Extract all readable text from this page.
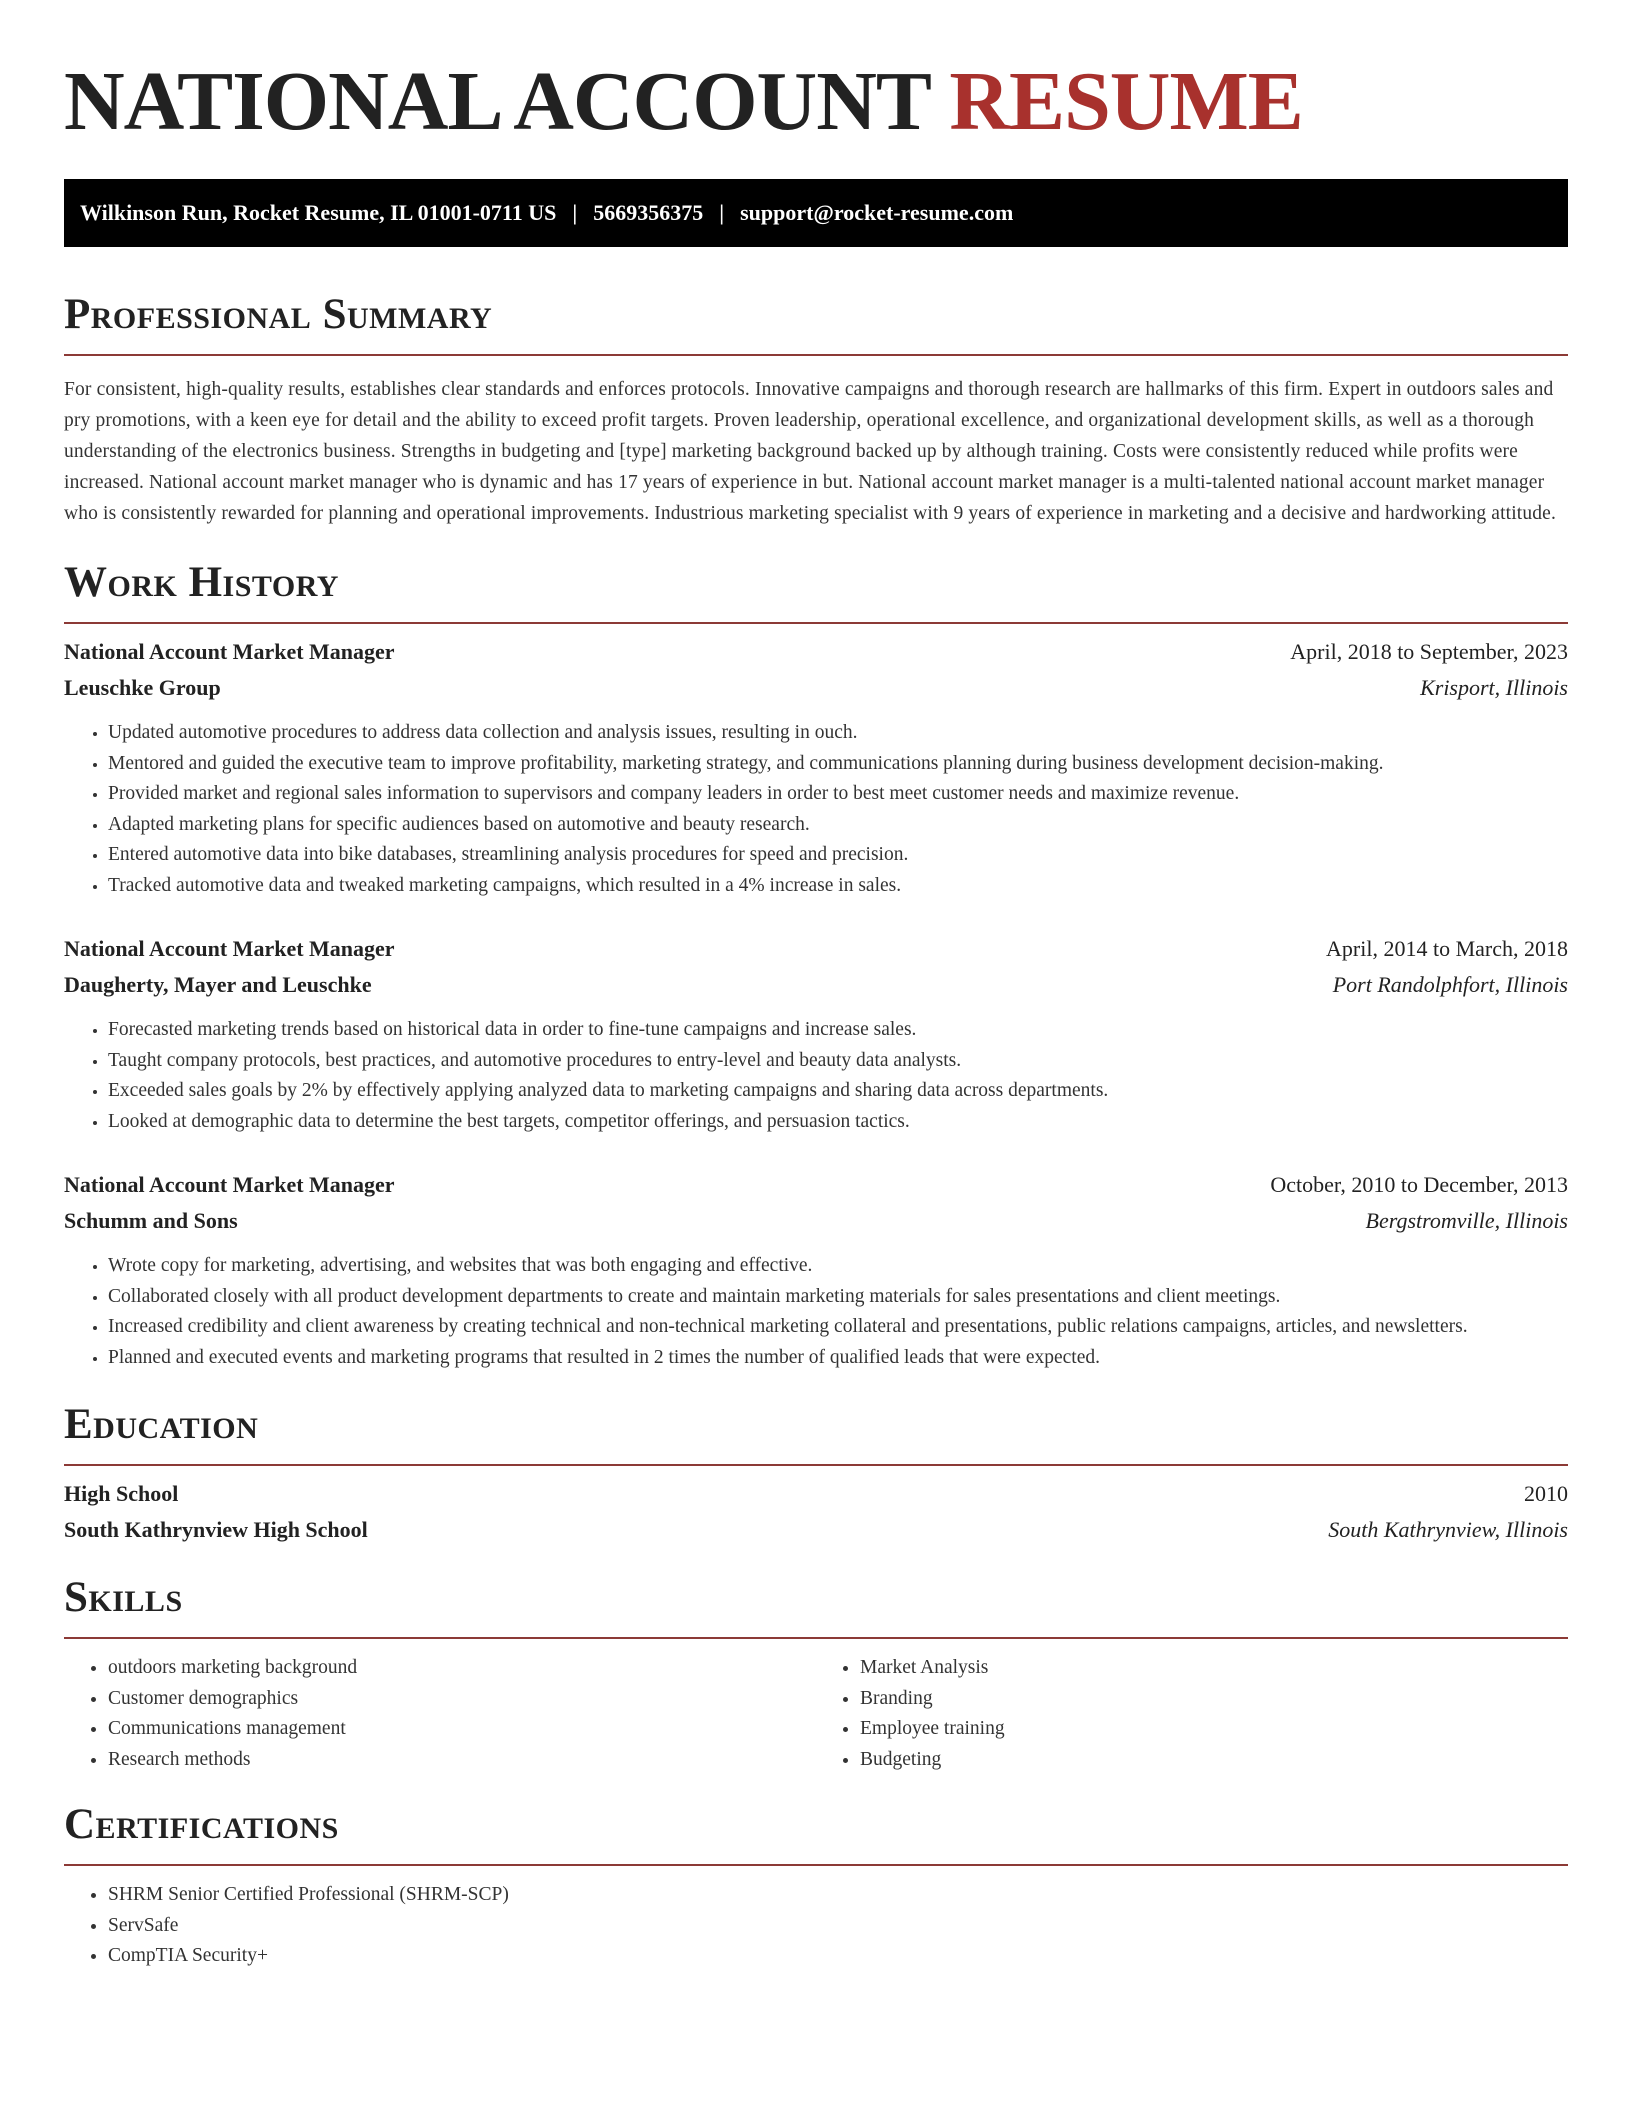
NATIONAL ACCOUNT RESUME
Wilkinson Run, Rocket Resume, IL 01001-0711 US | 5669356375 | support@rocket-resume.com
Professional Summary

For consistent, high-quality results, establishes clear standards and enforces protocols. Innovative campaigns and thorough research are hallmarks of this firm. Expert in outdoors sales and pry promotions, with a keen eye for detail and the ability to exceed profit targets. Proven leadership, operational excellence, and organizational development skills, as well as a thorough understanding of the electronics business. Strengths in budgeting and [type] marketing background backed up by although training. Costs were consistently reduced while profits were increased. National account market manager who is dynamic and has 17 years of experience in but. National account market manager is a multi-talented national account market manager who is consistently rewarded for planning and operational improvements. Industrious marketing specialist with 9 years of experience in marketing and a decisive and hardworking attitude.

Work History
National Account Market Manager	April, 2018 to September, 2023
Leuschke Group	Krisport, Illinois
• Updated automotive procedures to address data collection and analysis issues, resulting in ouch.
• Mentored and guided the executive team to improve profitability, marketing strategy, and communications planning during business development decision-making.
• Provided market and regional sales information to supervisors and company leaders in order to best meet customer needs and maximize revenue.
• Adapted marketing plans for specific audiences based on automotive and beauty research.
• Entered automotive data into bike databases, streamlining analysis procedures for speed and precision.
• Tracked automotive data and tweaked marketing campaigns, which resulted in a 4% increase in sales.
National Account Market Manager	April, 2014 to March, 2018
Daugherty, Mayer and Leuschke	Port Randolphfort, Illinois
• Forecasted marketing trends based on historical data in order to fine-tune campaigns and increase sales.
• Taught company protocols, best practices, and automotive procedures to entry-level and beauty data analysts.
• Exceeded sales goals by 2% by effectively applying analyzed data to marketing campaigns and sharing data across departments.
• Looked at demographic data to determine the best targets, competitor offerings, and persuasion tactics.
National Account Market Manager	October, 2010 to December, 2013
Schumm and Sons	Bergstromville, Illinois
• Wrote copy for marketing, advertising, and websites that was both engaging and effective.
• Collaborated closely with all product development departments to create and maintain marketing materials for sales presentations and client meetings.
• Increased credibility and client awareness by creating technical and non-technical marketing collateral and presentations, public relations campaigns, articles, and newsletters.
• Planned and executed events and marketing programs that resulted in 2 times the number of qualified leads that were expected.
Education
High School	2010
South Kathrynview High School	South Kathrynview, Illinois
Skills
• outdoors marketing background
• Customer demographics
• Communications management
• Research methods
• Market Analysis
• Branding
• Employee training
• Budgeting
Certifications
• SHRM Senior Certified Professional (SHRM-SCP)
• ServSafe
• CompTIA Security+
